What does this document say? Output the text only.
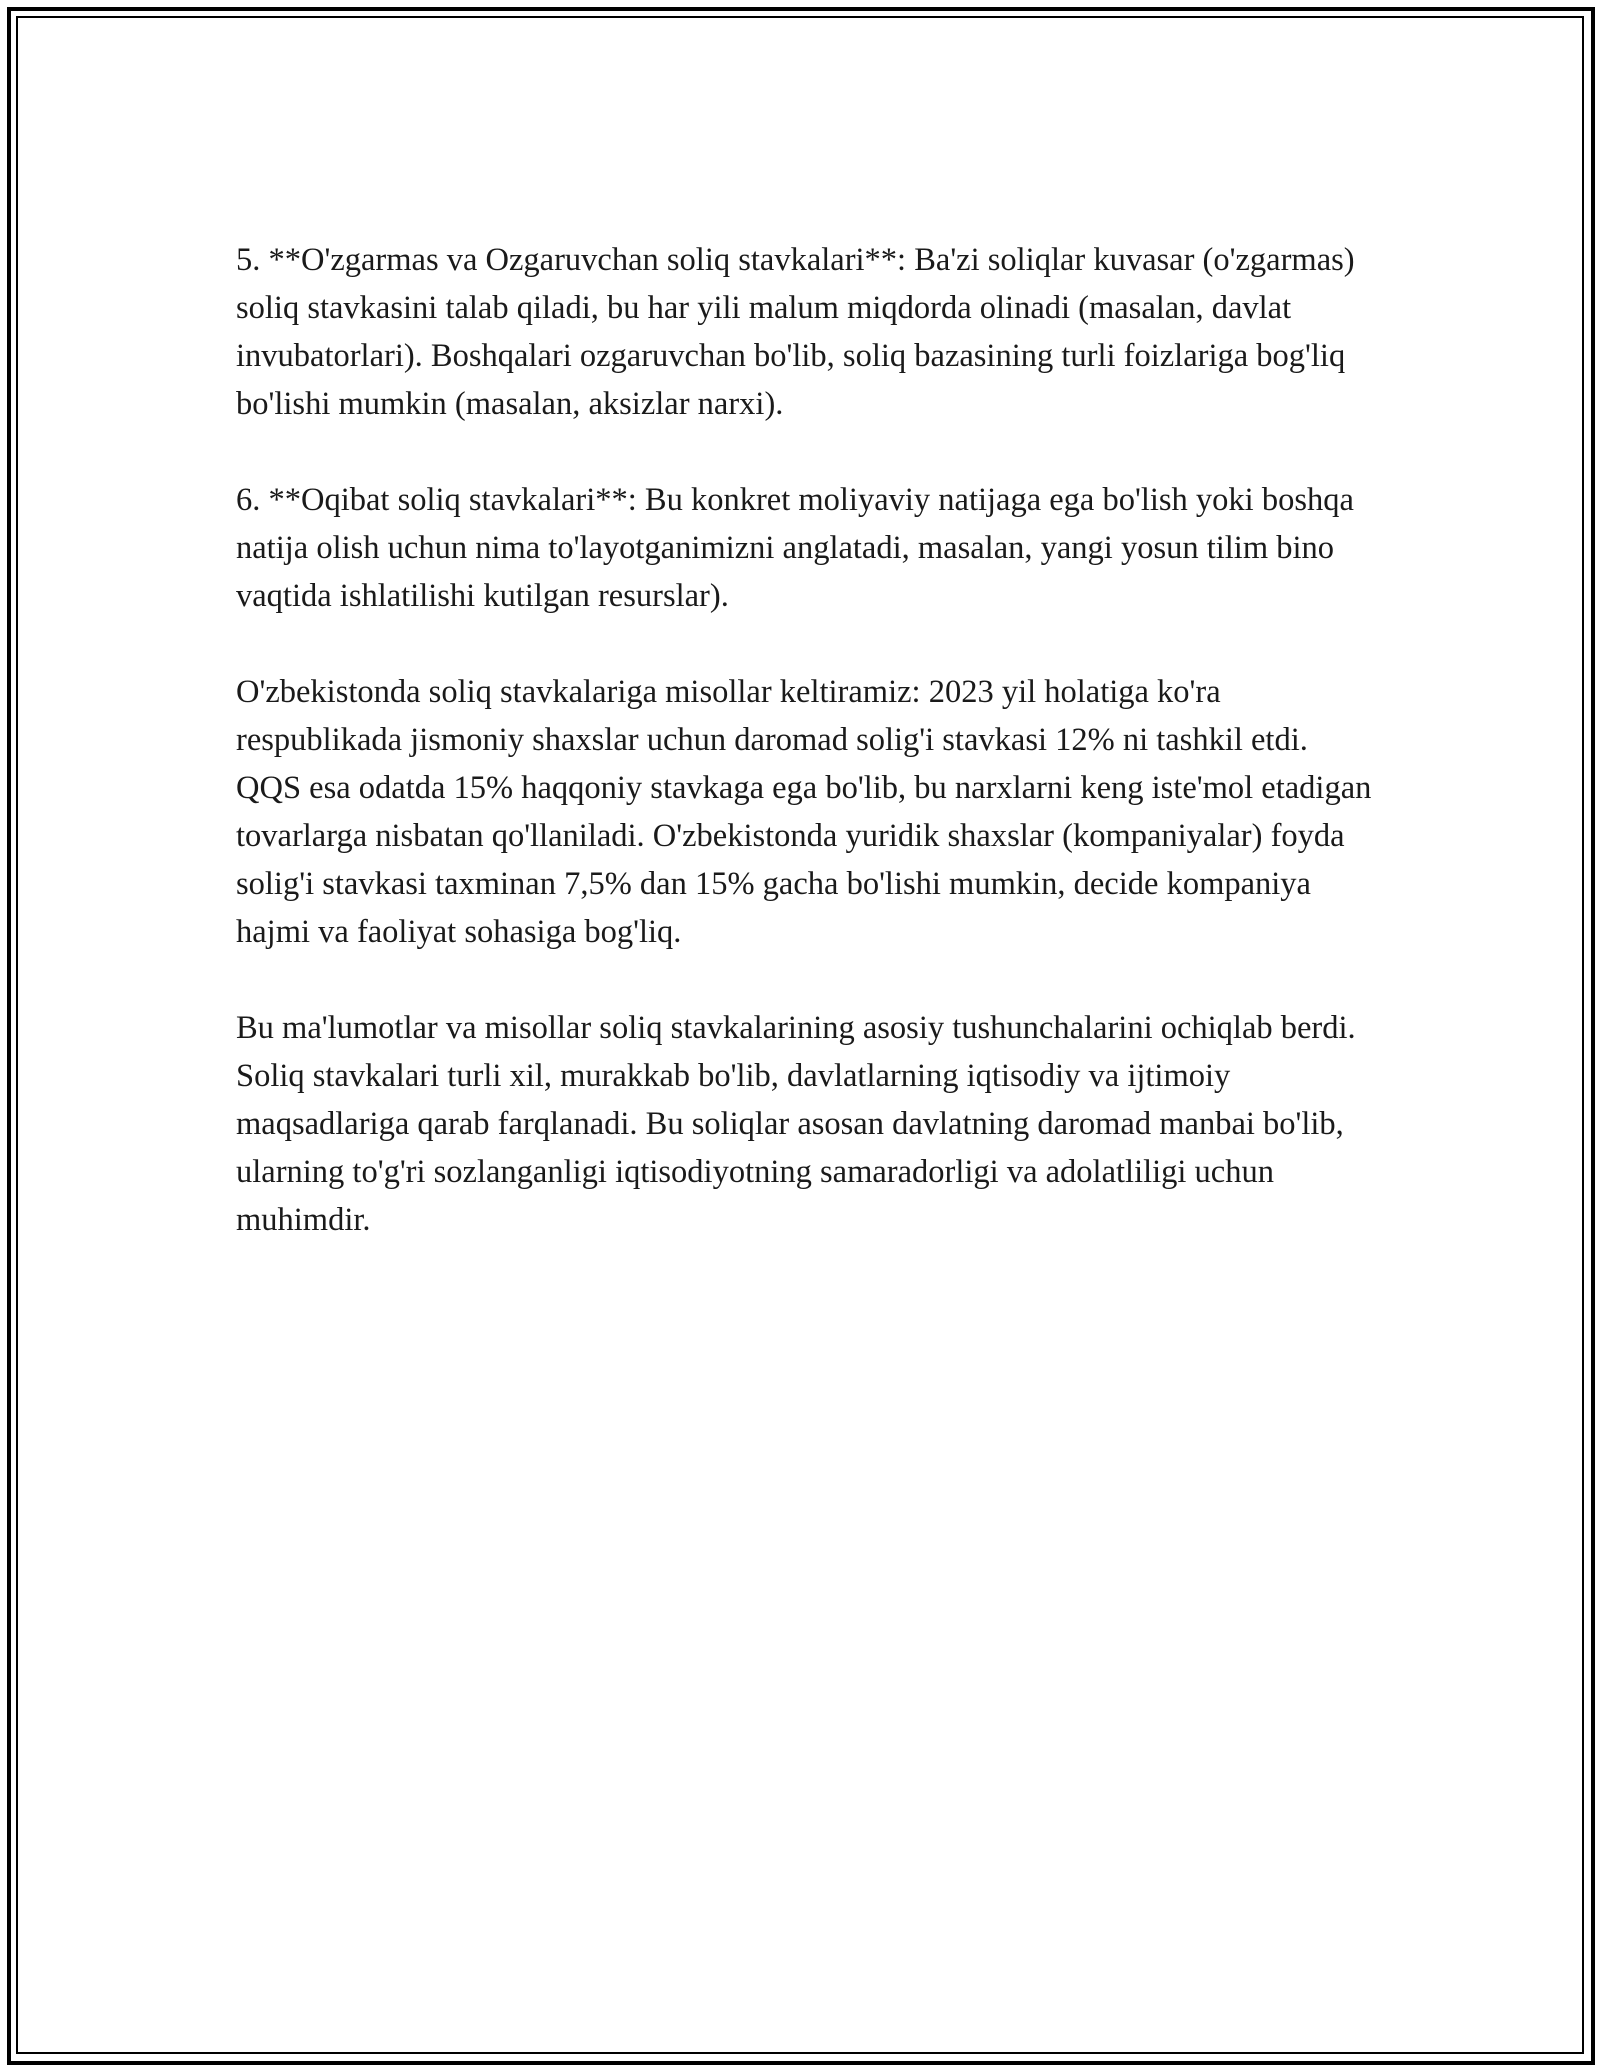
5. **O'zgarmas va Ozgaruvchan soliq stavkalari**: Ba'zi soliqlar kuvasar (o'zgarmas) soliq stavkasini talab qiladi, bu har yili malum miqdorda olinadi (masalan, davlat invubatorlari). Boshqalari ozgaruvchan bo'lib, soliq bazasining turli foizlariga bog'liq bo'lishi mumkin (masalan, aksizlar narxi).

6. **Oqibat soliq stavkalari**: Bu konkret moliyaviy natijaga ega bo'lish yoki boshqa natija olish uchun nima to'layotganimizni anglatadi, masalan, yangi yosun tilim bino vaqtida ishlatilishi kutilgan resurslar).

O'zbekistonda soliq stavkalariga misollar keltiramiz: 2023 yil holatiga ko'ra respublikada jismoniy shaxslar uchun daromad solig'i stavkasi 12% ni tashkil etdi. QQS esa odatda 15% haqqoniy stavkaga ega bo'lib, bu narxlarni keng iste'mol etadigan tovarlarga nisbatan qo'llaniladi. O'zbekistonda yuridik shaxslar (kompaniyalar) foyda solig'i stavkasi taxminan 7,5% dan 15% gacha bo'lishi mumkin, decide kompaniya hajmi va faoliyat sohasiga bog'liq.

Bu ma'lumotlar va misollar soliq stavkalarining asosiy tushunchalarini ochiqlab berdi. Soliq stavkalari turli xil, murakkab bo'lib, davlatlarning iqtisodiy va ijtimoiy maqsadlariga qarab farqlanadi. Bu soliqlar asosan davlatning daromad manbai bo'lib, ularning to'g'ri sozlanganligi iqtisodiyotning samaradorligi va adolatliligi uchun muhimdir.
